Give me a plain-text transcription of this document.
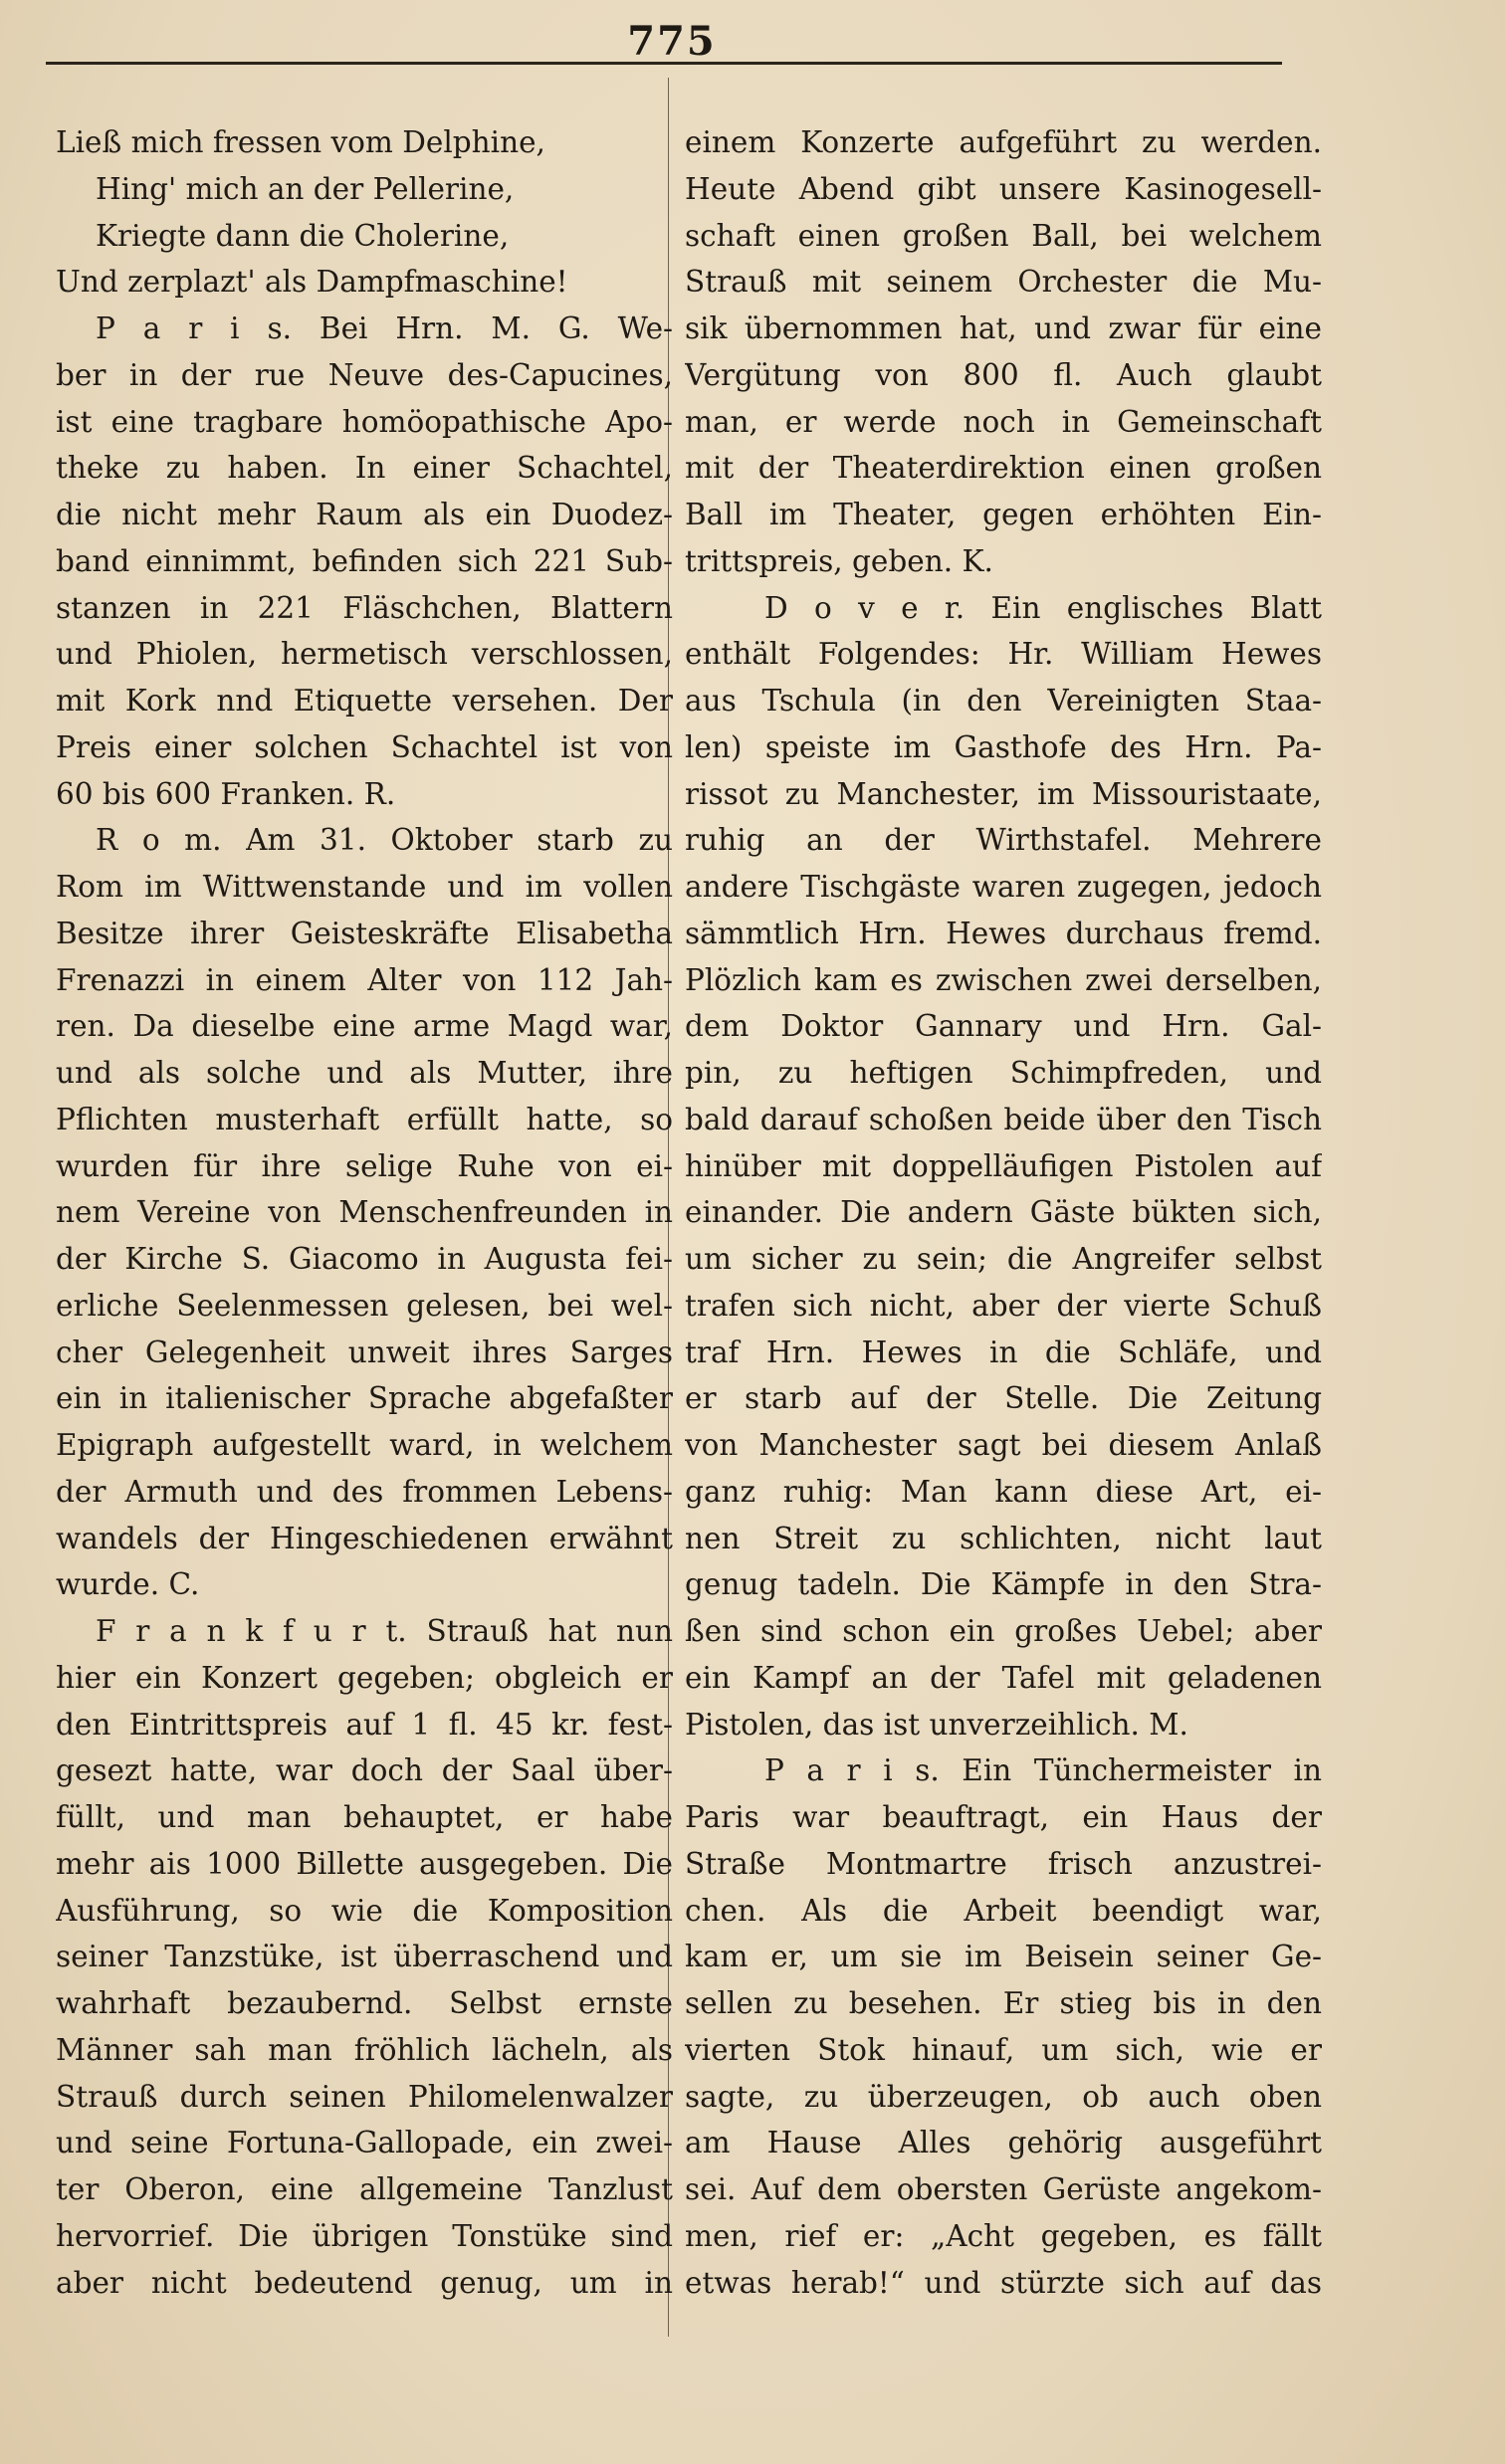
775
Ließ mich fressen vom Delphine,
Hing' mich an der Pellerine,
Kriegte dann die Cholerine,
Und zerplazt' als Dampfmaschine!
P a r i s. Bei Hrn. M. G. We-
ber in der rue Neuve des-Capucines,
ist eine tragbare homöopathische Apo-
theke zu haben. In einer Schachtel,
die nicht mehr Raum als ein Duodez-
band einnimmt, befinden sich 221 Sub-
stanzen in 221 Fläschchen, Blattern
und Phiolen, hermetisch verschlossen,
mit Kork nnd Etiquette versehen. Der
Preis einer solchen Schachtel ist von
60 bis 600 Franken. R.
R o m. Am 31. Oktober starb zu
Rom im Wittwenstande und im vollen
Besitze ihrer Geisteskräfte Elisabetha
Frenazzi in einem Alter von 112 Jah-
ren. Da dieselbe eine arme Magd war,
und als solche und als Mutter, ihre
Pflichten musterhaft erfüllt hatte, so
wurden für ihre selige Ruhe von ei-
nem Vereine von Menschenfreunden in
der Kirche S. Giacomo in Augusta fei-
erliche Seelenmessen gelesen, bei wel-
cher Gelegenheit unweit ihres Sarges
ein in italienischer Sprache abgefaßter
Epigraph aufgestellt ward, in welchem
der Armuth und des frommen Lebens-
wandels der Hingeschiedenen erwähnt
wurde. C.
F r a n k f u r t. Strauß hat nun
hier ein Konzert gegeben; obgleich er
den Eintrittspreis auf 1 fl. 45 kr. fest-
gesezt hatte, war doch der Saal über-
füllt, und man behauptet, er habe
mehr ais 1000 Billette ausgegeben. Die
Ausführung, so wie die Komposition
seiner Tanzstüke, ist überraschend und
wahrhaft bezaubernd. Selbst ernste
Männer sah man fröhlich lächeln, als
Strauß durch seinen Philomelenwalzer
und seine Fortuna-Gallopade, ein zwei-
ter Oberon, eine allgemeine Tanzlust
hervorrief. Die übrigen Tonstüke sind
aber nicht bedeutend genug, um in
einem Konzerte aufgeführt zu werden.
Heute Abend gibt unsere Kasinogesell-
schaft einen großen Ball, bei welchem
Strauß mit seinem Orchester die Mu-
sik übernommen hat, und zwar für eine
Vergütung von 800 fl. Auch glaubt
man, er werde noch in Gemeinschaft
mit der Theaterdirektion einen großen
Ball im Theater, gegen erhöhten Ein-
trittspreis, geben. K.
D o v e r. Ein englisches Blatt
enthält Folgendes: Hr. William Hewes
aus Tschula (in den Vereinigten Staa-
len) speiste im Gasthofe des Hrn. Pa-
rissot zu Manchester, im Missouristaate,
ruhig an der Wirthstafel. Mehrere
andere Tischgäste waren zugegen, jedoch
sämmtlich Hrn. Hewes durchaus fremd.
Plözlich kam es zwischen zwei derselben,
dem Doktor Gannary und Hrn. Gal-
pin, zu heftigen Schimpfreden, und
bald darauf schoßen beide über den Tisch
hinüber mit doppelläufigen Pistolen auf
einander. Die andern Gäste bükten sich,
um sicher zu sein; die Angreifer selbst
trafen sich nicht, aber der vierte Schuß
traf Hrn. Hewes in die Schläfe, und
er starb auf der Stelle. Die Zeitung
von Manchester sagt bei diesem Anlaß
ganz ruhig: Man kann diese Art, ei-
nen Streit zu schlichten, nicht laut
genug tadeln. Die Kämpfe in den Stra-
ßen sind schon ein großes Uebel; aber
ein Kampf an der Tafel mit geladenen
Pistolen, das ist unverzeihlich. M.
P a r i s. Ein Tünchermeister in
Paris war beauftragt, ein Haus der
Straße Montmartre frisch anzustrei-
chen. Als die Arbeit beendigt war,
kam er, um sie im Beisein seiner Ge-
sellen zu besehen. Er stieg bis in den
vierten Stok hinauf, um sich, wie er
sagte, zu überzeugen, ob auch oben
am Hause Alles gehörig ausgeführt
sei. Auf dem obersten Gerüste angekom-
men, rief er: „Acht gegeben, es fällt
etwas herab!“ und stürzte sich auf das
